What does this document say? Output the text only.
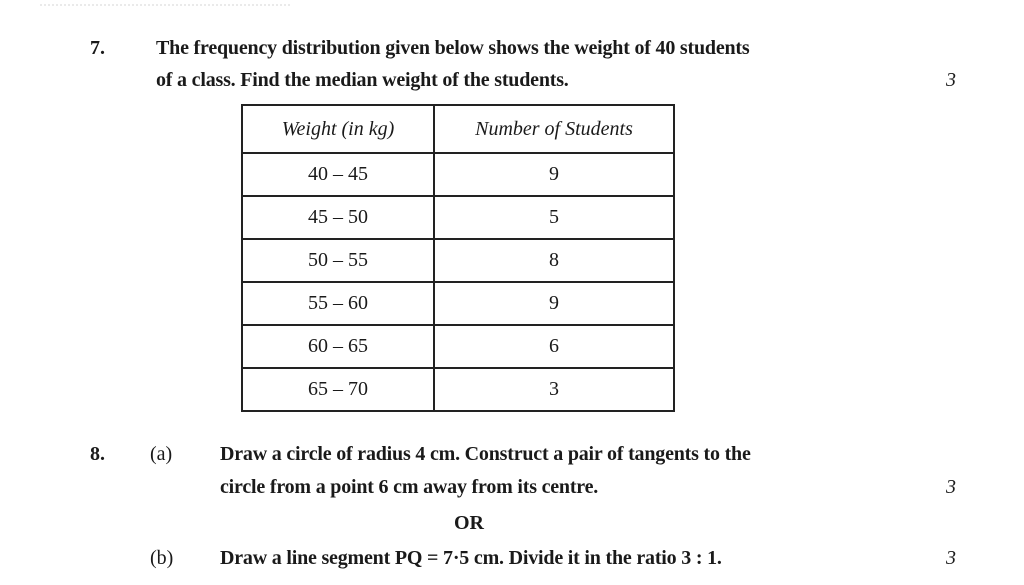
7.	The frequency distribution given below shows the weight of 40 students
of a class. Find the median weight of the students.	3
Weight (in kg)	Number of Students
40 – 45	9
45 – 50	5
50 – 55	8
55 – 60	9
60 – 65	6
65 – 70	3
8. (a) Draw a circle of radius 4 cm. Construct a pair of tangents to the
circle from a point 6 cm away from its centre.	3
OR
(b) Draw a line segment PQ = 7·5 cm. Divide it in the ratio 3 : 1.	3
